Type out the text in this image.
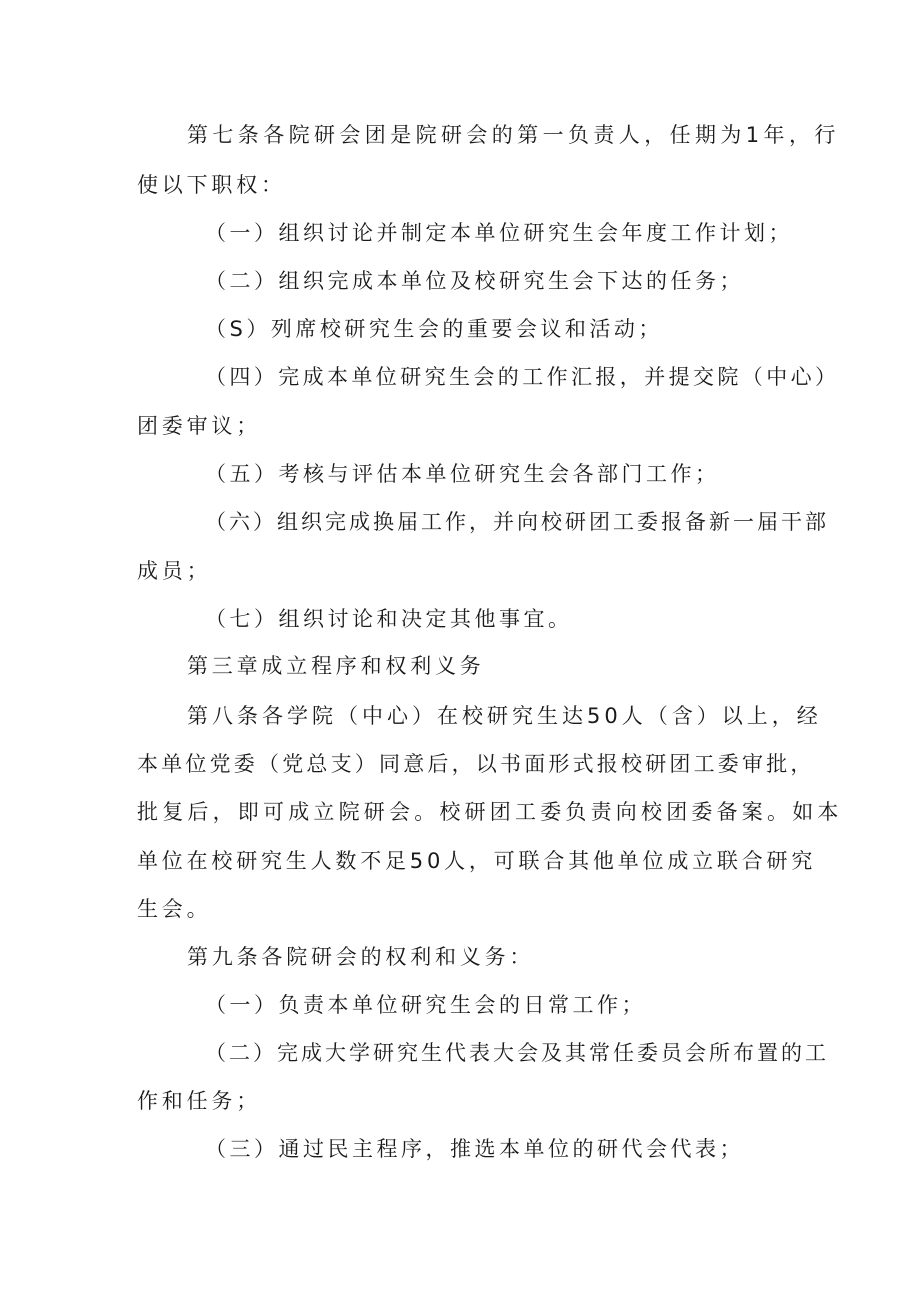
第七条各院研会团是院研会的第一负责人，任期为1年，行
使以下职权：
（一）组织讨论并制定本单位研究生会年度工作计划；
（二）组织完成本单位及校研究生会下达的任务；
（S）列席校研究生会的重要会议和活动；
（四）完成本单位研究生会的工作汇报，并提交院（中心）
团委审议；
（五）考核与评估本单位研究生会各部门工作；
（六）组织完成换届工作，并向校研团工委报备新一届干部
成员；
（七）组织讨论和决定其他事宜。
第三章成立程序和权利义务
第八条各学院（中心）在校研究生达50人（含）以上，经
本单位党委（党总支）同意后，以书面形式报校研团工委审批，
批复后，即可成立院研会。校研团工委负责向校团委备案。如本
单位在校研究生人数不足50人，可联合其他单位成立联合研究
生会。
第九条各院研会的权利和义务：
（一）负责本单位研究生会的日常工作；
（二）完成大学研究生代表大会及其常任委员会所布置的工
作和任务；
（三）通过民主程序，推选本单位的研代会代表；
